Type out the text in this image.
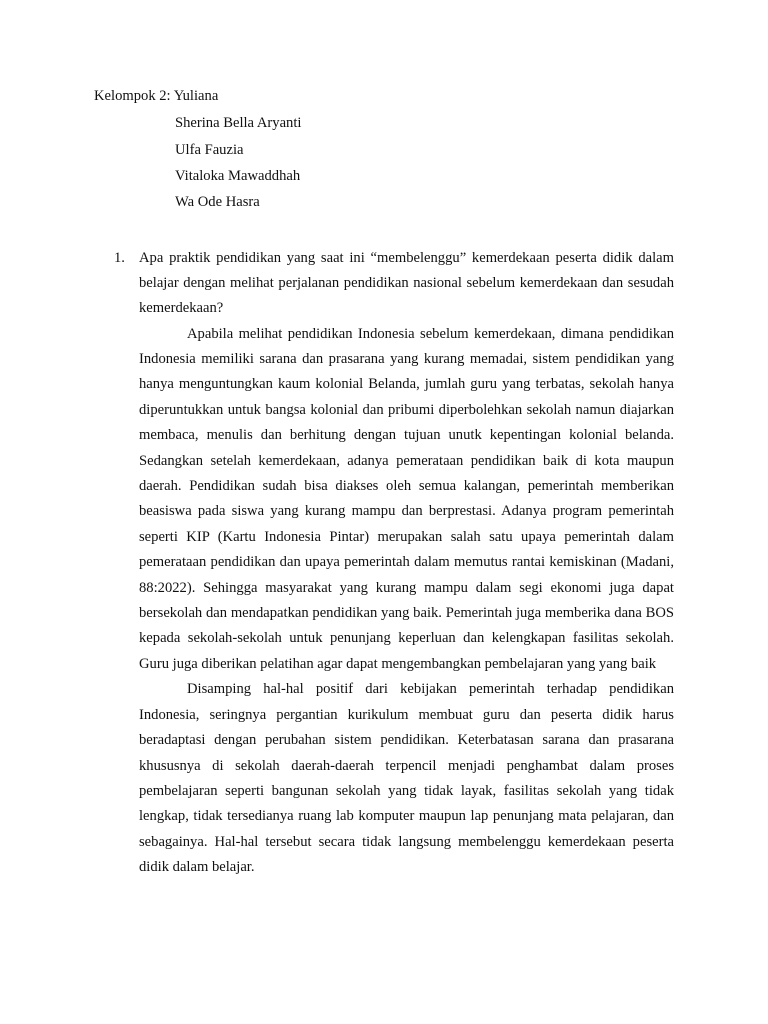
Kelompok 2: Yuliana
Sherina Bella Aryanti
Ulfa Fauzia
Vitaloka Mawaddhah
Wa Ode Hasra
1. Apa praktik pendidikan yang saat ini “membelenggu” kemerdekaan peserta didik dalam belajar dengan melihat perjalanan pendidikan nasional sebelum kemerdekaan dan sesudah kemerdekaan?

Apabila melihat pendidikan Indonesia sebelum kemerdekaan, dimana pendidikan Indonesia memiliki sarana dan prasarana yang kurang memadai, sistem pendidikan yang hanya menguntungkan kaum kolonial Belanda, jumlah guru yang terbatas, sekolah hanya diperuntukkan untuk bangsa kolonial dan pribumi diperbolehkan sekolah namun diajarkan membaca, menulis dan berhitung dengan tujuan unutk kepentingan kolonial belanda. Sedangkan setelah kemerdekaan, adanya pemerataan pendidikan baik di kota maupun daerah. Pendidikan sudah bisa diakses oleh semua kalangan, pemerintah memberikan beasiswa pada siswa yang kurang mampu dan berprestasi. Adanya program pemerintah seperti KIP (Kartu Indonesia Pintar) merupakan salah satu upaya pemerintah dalam pemerataan pendidikan dan upaya pemerintah dalam memutus rantai kemiskinan (Madani, 88:2022). Sehingga masyarakat yang kurang mampu dalam segi ekonomi juga dapat bersekolah dan mendapatkan pendidikan yang baik. Pemerintah juga memberika dana BOS kepada sekolah-sekolah untuk penunjang keperluan dan kelengkapan fasilitas sekolah. Guru juga diberikan pelatihan agar dapat mengembangkan pembelajaran yang yang baik

Disamping hal-hal positif dari kebijakan pemerintah terhadap pendidikan Indonesia, seringnya pergantian kurikulum membuat guru dan peserta didik harus beradaptasi dengan perubahan sistem pendidikan. Keterbatasan sarana dan prasarana khususnya di sekolah daerah-daerah terpencil menjadi penghambat dalam proses pembelajaran seperti bangunan sekolah yang tidak layak, fasilitas sekolah yang tidak lengkap, tidak tersedianya ruang lab komputer maupun lap penunjang mata pelajaran, dan sebagainya. Hal-hal tersebut secara tidak langsung membelenggu kemerdekaan peserta didik dalam belajar.
